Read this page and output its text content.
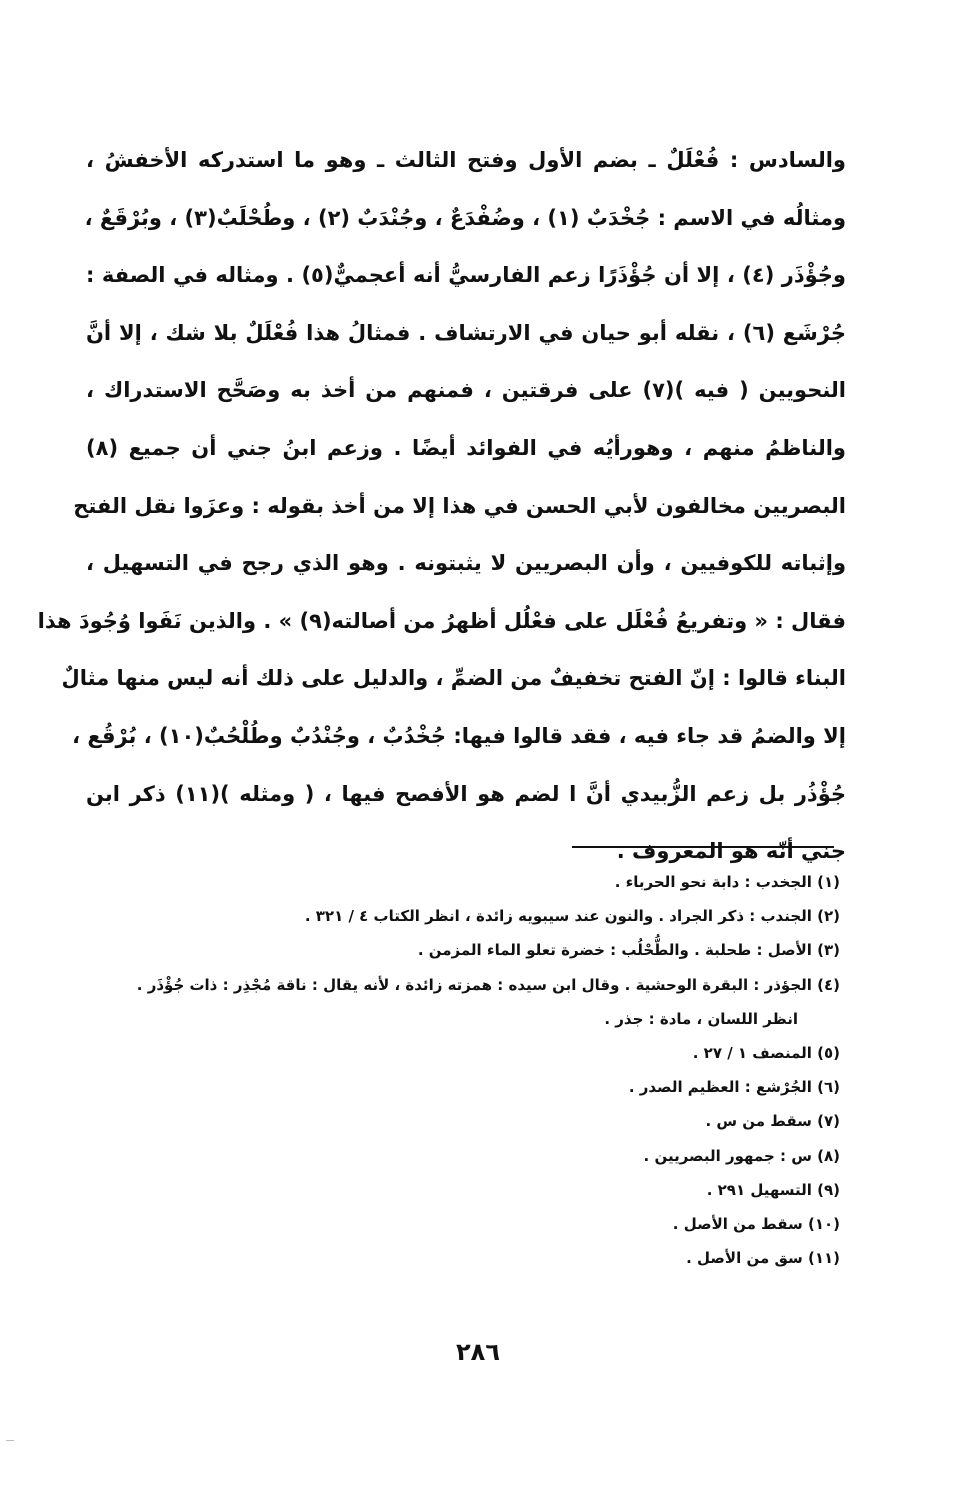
والسادس : فُعْلَلٌ ـ بضم الأول وفتح الثالث ـ وهو ما استدركه الأخفشُ ،
ومثالُه في الاسم : جُخْدَبٌ (١) ، وضُفْدَعٌ ، وجُنْدَبٌ (٢) ، وطُحْلَبٌ(٣) ، وبُرْقَعٌ ،
وجُؤْذَر (٤) ، إلا أن جُؤْذَرًا زعم الفارسيُّ أنه أعجميٌّ(٥) . ومثاله في الصفة :
جُرْشَع (٦) ، نقله أبو حيان في الارتشاف . فمثالُ هذا فُعْلَلٌ بلا شك ، إلا أنَّ
النحويين ( فيه )(٧) على فرقتين ، فمنهم من أخذ به وصَحَّح الاستدراك ،
والناظمُ منهم ، وهورأيُه في الفوائد أيضًا . وزعم ابنُ جني أن جميع (٨)
البصريين مخالفون لأبي الحسن في هذا إلا من أخذ بقوله : وعزَوا نقل الفتح
وإثباته للكوفيين ، وأن البصريين لا يثبتونه . وهو الذي رجح في التسهيل ،
فقال : « وتفريعُ فُعْلَل على فعْلُل أظهرُ من أصالته(٩) » . والذين نَفَوا وُجُودَ هذا
البناء قالوا : إنّ الفتح تخفيفٌ من الضمِّ ، والدليل على ذلك أنه ليس منها مثالٌ
إلا والضمُ قد جاء فيه ، فقد قالوا فيها: جُخْدُبٌ ، وجُنْدُبٌ وطُلْحُبٌ(١٠) ، بُرْقُع ،
جُؤْذُر بل زعم الزُّبيدي أنَّ ا لضم هو الأفصح فيها ، ( ومثله )(١١) ذكر ابن
جني أنّه هو المعروف .
(١) الجخدب : دابة نحو الحرباء .
(٢) الجندب : ذكر الجراد . والنون عند سيبويه زائدة ، انظر الكتاب ٤ / ٣٢١ .
(٣) الأصل : طحلبة . والطُّحْلُب : خضرة تعلو الماء المزمن .
(٤) الجؤذر : البقرة الوحشية . وقال ابن سيده : همزته زائدة ، لأنه يقال : ناقة مُجْذِر : ذات جُؤْذَر .
انظر اللسان ، مادة : جذر .
(٥) المنصف ١ / ٢٧ .
(٦) الجُرْشع : العظيم الصدر .
(٧) سقط من س .
(٨) س : جمهور البصريين .
(٩) التسهيل ٢٩١ .
(١٠) سقط من الأصل .
(١١) سق من الأصل .
٢٨٦
